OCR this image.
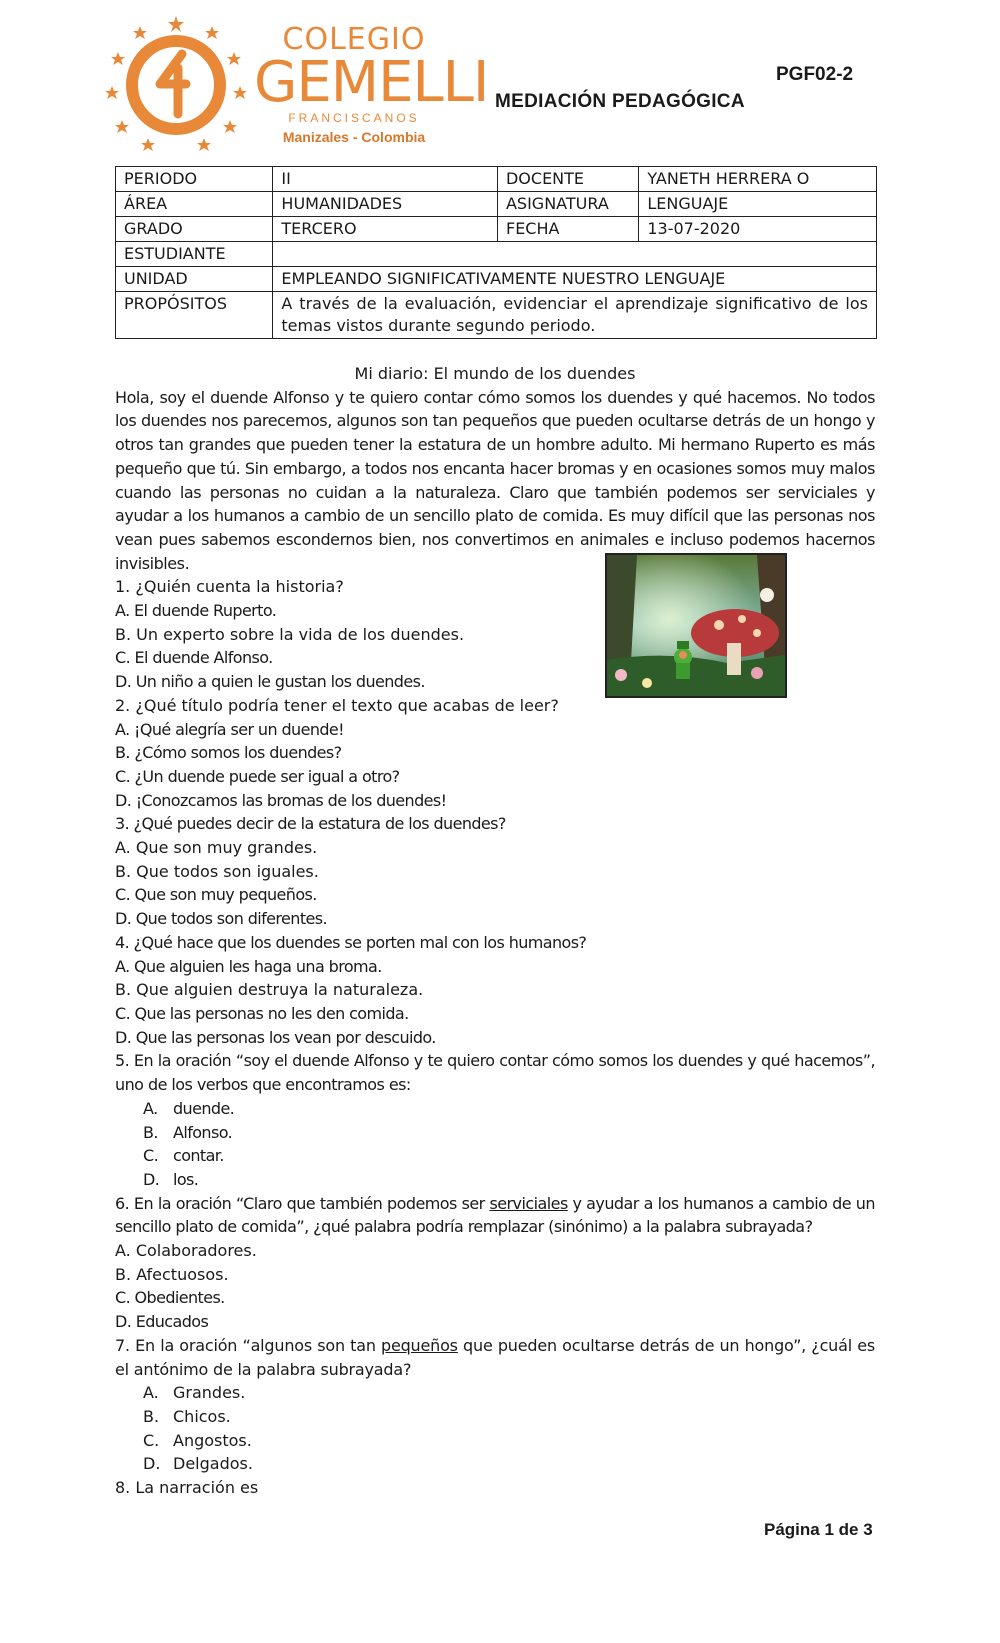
COLEGIO
GEMELLI
FRANCISCANOS
Manizales - Colombia
PGF02-2
MEDIACIÓN PEDAGÓGICA
PERIODO	II	DOCENTE	YANETH HERRERA O
ÁREA	HUMANIDADES	ASIGNATURA	LENGUAJE
GRADO	TERCERO	FECHA	13-07-2020
ESTUDIANTE			
UNIDAD	EMPLEANDO SIGNIFICATIVAMENTE NUESTRO LENGUAJE		
PROPÓSITOS	A través de la evaluación, evidenciar el aprendizaje significativo de los temas vistos durante segundo periodo.		

Mi diario: El mundo de los duendes

Hola, soy el duende Alfonso y te quiero contar cómo somos los duendes y qué hacemos. No todos los duendes nos parecemos, algunos son tan pequeños que pueden ocultarse detrás de un hongo y otros tan grandes que pueden tener la estatura de un hombre adulto. Mi hermano Ruperto es más pequeño que tú. Sin embargo, a todos nos encanta hacer bromas y en ocasiones somos muy malos cuando las personas no cuidan a la naturaleza. Claro que también podemos ser serviciales y ayudar a los humanos a cambio de un sencillo plato de comida. Es muy difícil que las personas nos vean pues sabemos escondernos bien, nos convertimos en animales e incluso podemos hacernos invisibles.

1. ¿Quién cuenta la historia?

A. El duende Ruperto.

B. Un experto sobre la vida de los duendes.

C. El duende Alfonso.

D. Un niño a quien le gustan los duendes.

2. ¿Qué título podría tener el texto que acabas de leer?

A. ¡Qué alegría ser un duende!

B. ¿Cómo somos los duendes?

C. ¿Un duende puede ser igual a otro?

D. ¡Conozcamos las bromas de los duendes!

3. ¿Qué puedes decir de la estatura de los duendes?

A. Que son muy grandes.

B. Que todos son iguales.

C. Que son muy pequeños.

D. Que todos son diferentes.

4. ¿Qué hace que los duendes se porten mal con los humanos?

A. Que alguien les haga una broma.

B. Que alguien destruya la naturaleza.

C. Que las personas no les den comida.

D. Que las personas los vean por descuido.

5. En la oración “soy el duende Alfonso y te quiero contar cómo somos los duendes y qué hacemos”, uno de los verbos que encontramos es:

A. duende.

B. Alfonso.

C. contar.

D. los.

6. En la oración “Claro que también podemos ser serviciales y ayudar a los humanos a cambio de un sencillo plato de comida”, ¿qué palabra podría remplazar (sinónimo) a la palabra subrayada?

A. Colaboradores.

B. Afectuosos.

C. Obedientes.

D. Educados

7. En la oración “algunos son tan pequeños que pueden ocultarse detrás de un hongo”, ¿cuál es el antónimo de la palabra subrayada?

A. Grandes.

B. Chicos.

C. Angostos.

D. Delgados.

8. La narración es

Página 1 de 3
